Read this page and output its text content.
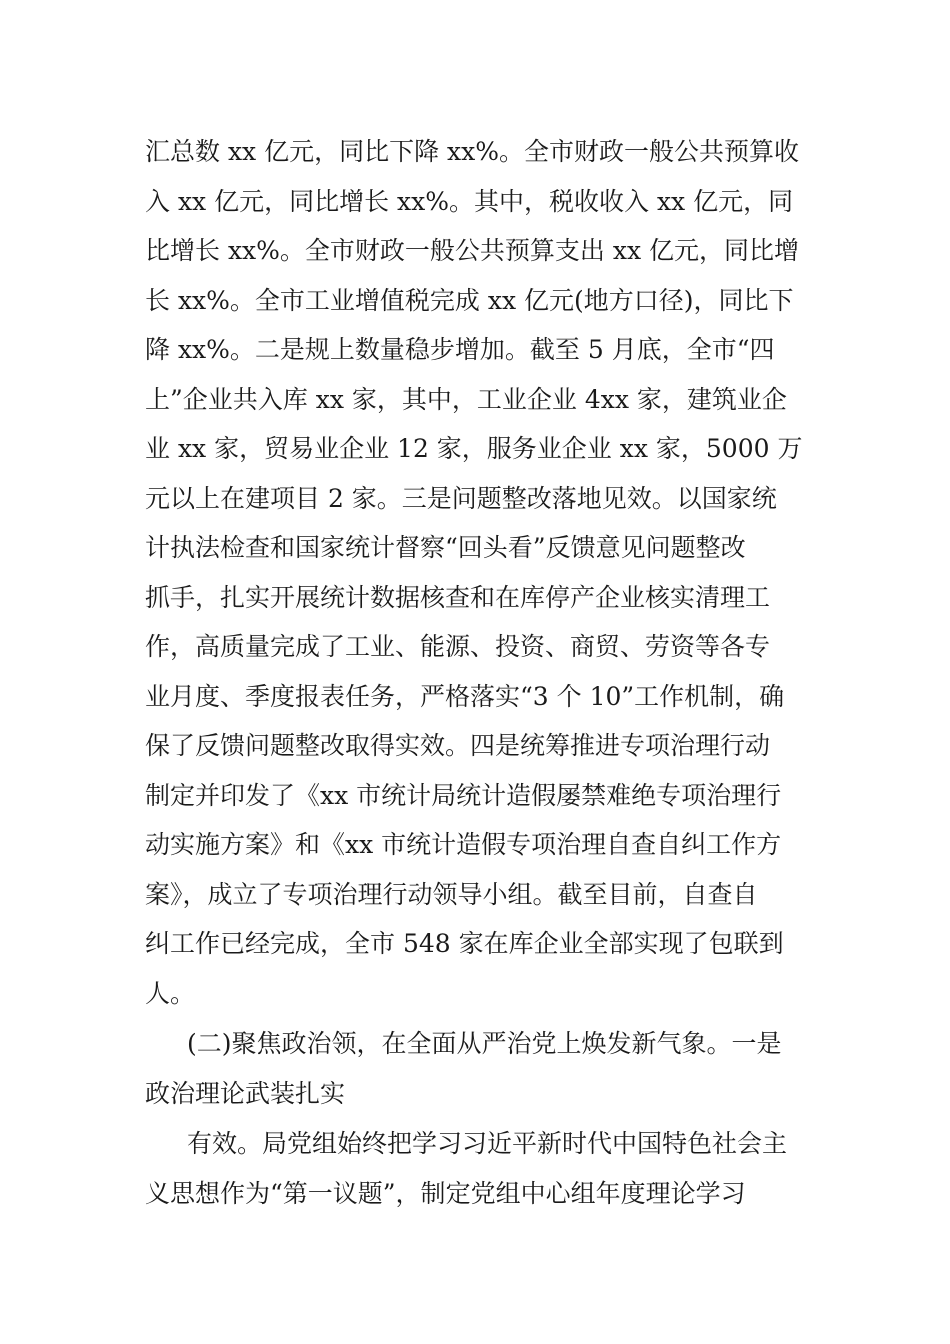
汇总数 xx 亿元，同比下降 xx%。全市财政一般公共预算收
入 xx 亿元，同比增长 xx%。其中，税收收入 xx 亿元，同
比增长 xx%。全市财政一般公共预算支出 xx 亿元，同比增
长 xx%。全市工业增值税完成 xx 亿元(地方口径)，同比下
降 xx%。二是规上数量稳步增加。截至 5 月底，全市“四
上”企业共入库 xx 家，其中，工业企业 4xx 家，建筑业企
业 xx 家，贸易业企业 12 家，服务业企业 xx 家，5000 万
元以上在建项目 2 家。三是问题整改落地见效。以国家统
计执法检查和国家统计督察“回头看”反馈意见问题整改
抓手，扎实开展统计数据核查和在库停产企业核实清理工
作，高质量完成了工业、能源、投资、商贸、劳资等各专
业月度、季度报表任务，严格落实“3 个 10”工作机制，确
保了反馈问题整改取得实效。四是统筹推进专项治理行动
制定并印发了《xx 市统计局统计造假屡禁难绝专项治理行
动实施方案》和《xx 市统计造假专项治理自查自纠工作方
案》，成立了专项治理行动领导小组。截至目前，自查自
纠工作已经完成，全市 548 家在库企业全部实现了包联到
人。
(二)聚焦政治领，在全面从严治党上焕发新气象。一是
政治理论武装扎实
有效。局党组始终把学习习近平新时代中国特色社会主
义思想作为“第一议题”，制定党组中心组年度理论学习
